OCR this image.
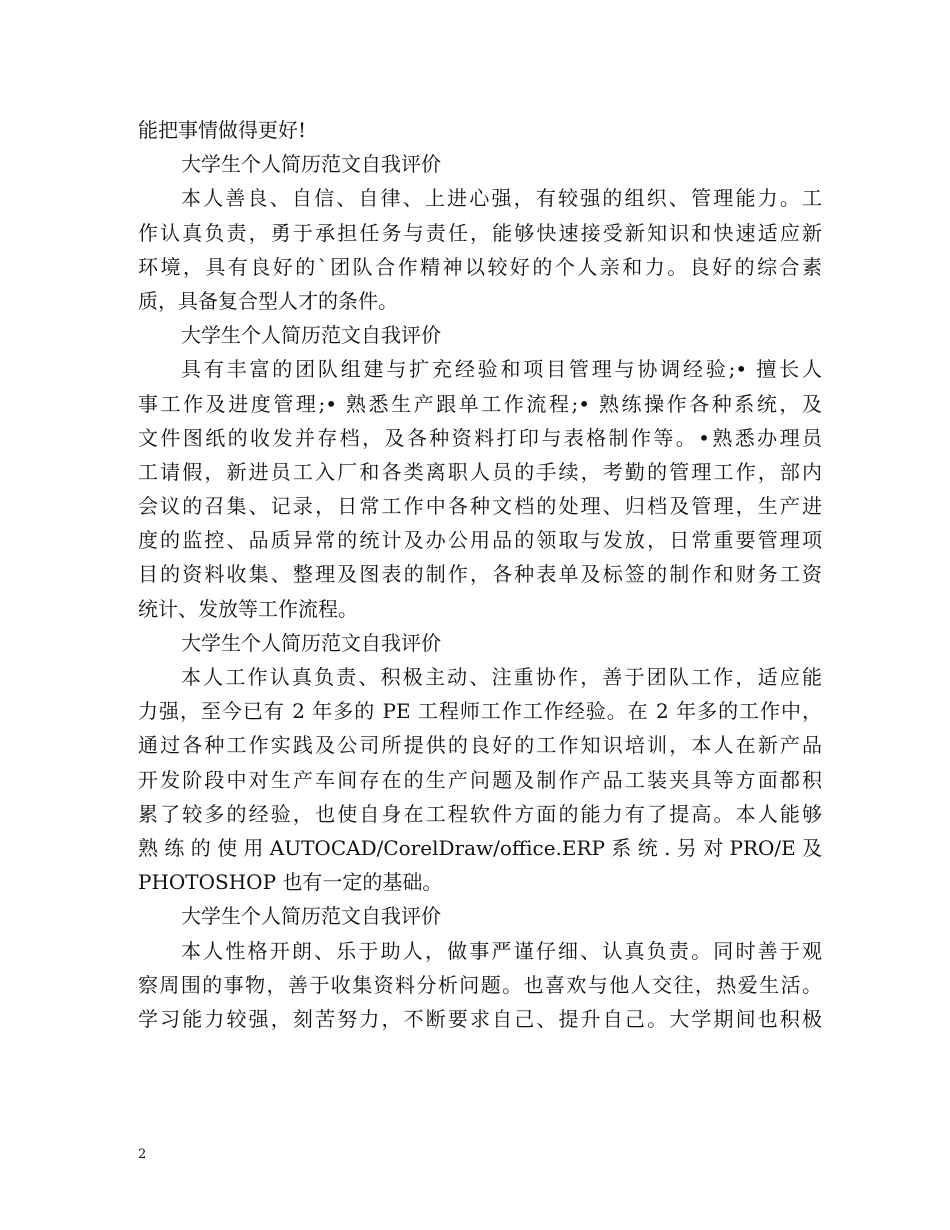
能把事情做得更好!
大学生个人简历范文自我评价
本人善良、自信、自律、上进心强，有较强的组织、管理能力。工
作认真负责，勇于承担任务与责任，能够快速接受新知识和快速适应新
环境，具有良好的`团队合作精神以较好的个人亲和力。良好的综合素
质，具备复合型人才的条件。
大学生个人简历范文自我评价
具有丰富的团队组建与扩充经验和项目管理与协调经验;• 擅长人
事工作及进度管理;• 熟悉生产跟单工作流程;• 熟练操作各种系统，及
文件图纸的收发并存档，及各种资料打印与表格制作等。•熟悉办理员
工请假，新进员工入厂和各类离职人员的手续，考勤的管理工作，部内
会议的召集、记录，日常工作中各种文档的处理、归档及管理，生产进
度的监控、品质异常的统计及办公用品的领取与发放，日常重要管理项
目的资料收集、整理及图表的制作，各种表单及标签的制作和财务工资
统计、发放等工作流程。
大学生个人简历范文自我评价
本人工作认真负责、积极主动、注重协作，善于团队工作，适应能
力强，至今已有 2 年多的 PE 工程师工作工作经验。在 2 年多的工作中，
通过各种工作实践及公司所提供的良好的工作知识培训，本人在新产品
开发阶段中对生产车间存在的生产问题及制作产品工装夹具等方面都积
累了较多的经验，也使自身在工程软件方面的能力有了提高。本人能够
熟 练 的 使 用 AUTOCAD/CorelDraw/office.ERP 系 统 . 另 对 PRO/E 及
PHOTOSHOP 也有一定的基础。
大学生个人简历范文自我评价
本人性格开朗、乐于助人，做事严谨仔细、认真负责。同时善于观
察周围的事物，善于收集资料分析问题。也喜欢与他人交往，热爱生活。
学习能力较强，刻苦努力，不断要求自己、提升自己。大学期间也积极
2
